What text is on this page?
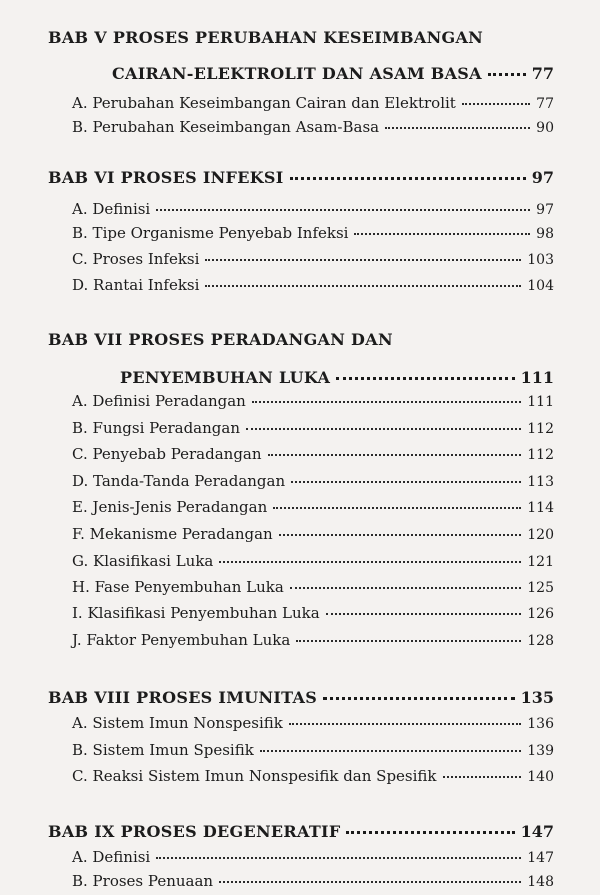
BAB V PROSES PERUBAHAN KESEIMBANGAN
CAIRAN-ELEKTROLIT DAN ASAM BASA	77
A. Perubahan Keseimbangan Cairan dan Elektrolit	77
B. Perubahan Keseimbangan Asam-Basa	90
BAB VI PROSES INFEKSI	97
A. Definisi	97
B. Tipe Organisme Penyebab Infeksi	98
C. Proses Infeksi	103
D. Rantai Infeksi	104
BAB VII PROSES PERADANGAN DAN
PENYEMBUHAN LUKA	111
A. Definisi Peradangan	111
B. Fungsi Peradangan	112
C. Penyebab Peradangan	112
D. Tanda-Tanda Peradangan	113
E. Jenis-Jenis Peradangan	114
F. Mekanisme Peradangan	120
G. Klasifikasi Luka	121
H. Fase Penyembuhan Luka	125
I. Klasifikasi Penyembuhan Luka	126
J. Faktor Penyembuhan Luka	128
BAB VIII PROSES IMUNITAS	135
A. Sistem Imun Nonspesifik	136
B. Sistem Imun Spesifik	139
C. Reaksi Sistem Imun Nonspesifik dan Spesifik	140
BAB IX PROSES DEGENERATIF	147
A. Definisi	147
B. Proses Penuaan	148
